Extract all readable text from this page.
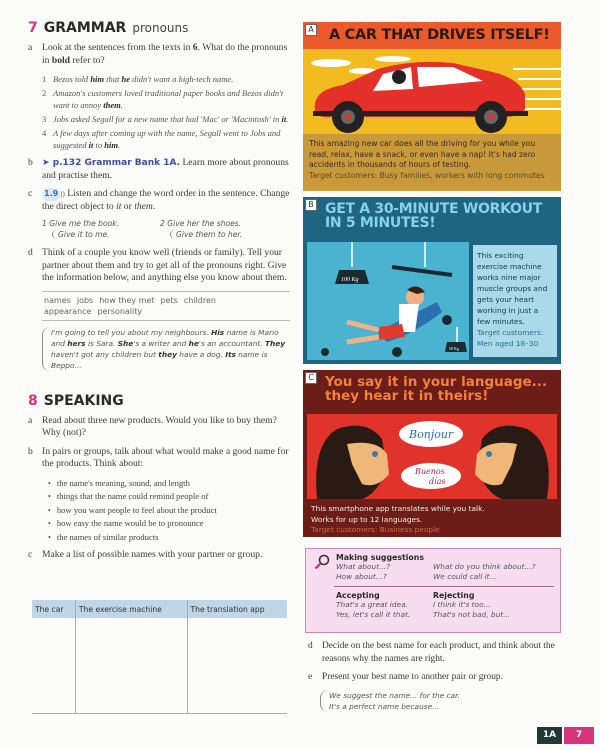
7 GRAMMAR pronouns
a	Look at the sentences from the texts in 6. What do the pronouns in bold refer to?
1 Bezos told him that he didn't want a high-tech name.
2 Amazon's customers loved traditional paper books and Bezos didn't want to annoy them.
3 Jobs asked Segall for a new name that had 'Mac' or 'Macintosh' in it.
4 A few days after coming up with the name, Segall went to Jobs and suggested it to him.
b	➤ p.132 Grammar Bank 1A. Learn more about pronouns and practise them.
c	1.9 )) Listen and change the word order in the sentence. Change the direct object to it or them.
1 Give me the book.
Give it to me.
2 Give her the shoes.
Give them to her.
d Think of a couple you know well (friends or family). Tell your partner about them and try to get all of the pronouns right. Give the information below, and anything else you know about them.
names jobs how they met pets children
appearance personality
I'm going to tell you about my neighbours. His name is Mario and hers is Sara. She's a writer and he's an accountant. They haven't got any children but they have a dog. Its name is Beppo...
8 SPEAKING
a	Read about three new products. Would you like to buy them? Why (not)?
b In pairs or groups, talk about what would make a good name for the products. Think about:
• the name's meaning, sound, and length
• things that the name could remind people of
• how you want people to feel about the product
• how easy the name would be to pronounce
• the names of similar products
c	Make a list of possible names with your partner or group.
The car	The exercise machine	The translation app

A	A CAR THAT DRIVES ITSELF!
This amazing new car does all the driving for you while you read, relax, have a snack, or even have a nap! It's had zero accidents in thousands of hours of testing.
Target customers: Busy families, workers with long commutes
B GET A 30-MINUTE WORKOUT
IN 5 MINUTES!
100 Kg
50 Kg
This exciting exercise machine works nine major muscle groups and gets your heart working in just a few minutes.
Target customers: Men aged 18–30
C You say it in your language...
they hear it in theirs!
Bonjour
Buenos
días
This smartphone app translates while you talk.
Works for up to 12 languages.
Target customers: Business people
Making suggestions
What about...?	What do you think about...?
How about...?	We could call it...
Accepting
That's a great idea.
Yes, let's call it that.
Rejecting
I think it's too...
That's not bad, but...
d Decide on the best name for each product, and think about the reasons why the names are right.
e	Present your best name to another pair or group.
We suggest the name... for the car.
It's a perfect name because...
1A	7
